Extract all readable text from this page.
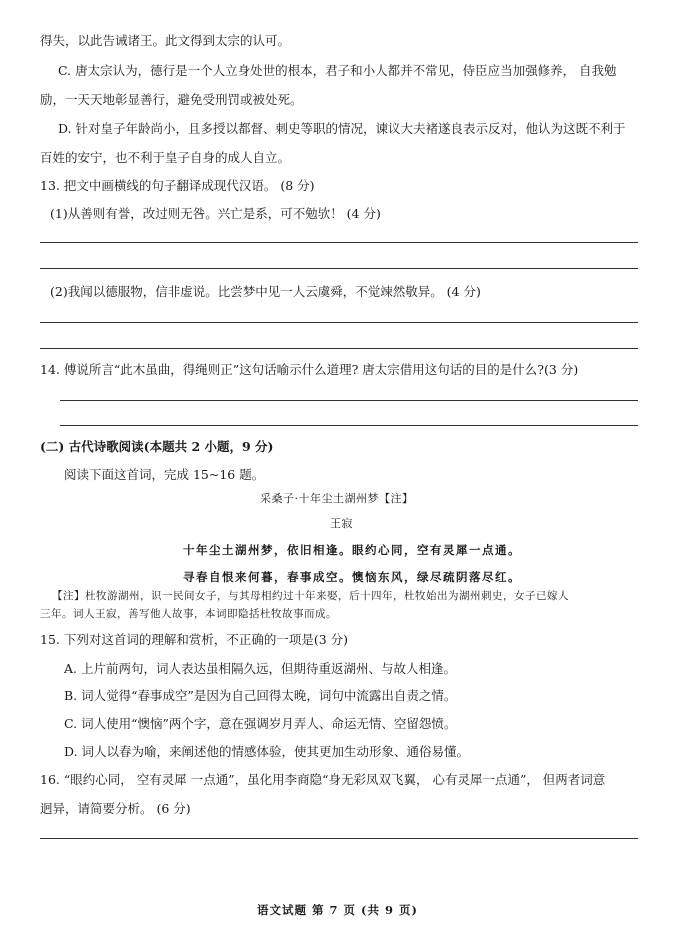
得失，以此告诫诸王。此文得到太宗的认可。
C. 唐太宗认为，德行是一个人立身处世的根本，君子和小人都并不常见，侍臣应当加强修养， 自我勉
励，一天天地彰显善行，避免受刑罚或被处死。
D. 针对皇子年龄尚小，且多授以都督、刺史等职的情况，谏议大夫褚遂良表示反对，他认为这既不利于
百姓的安宁，也不利于皇子自身的成人自立。
13. 把文中画横线的句子翻译成现代汉语。 (8 分)
(1)从善则有誉，改过则无咎。兴亡是系，可不勉欤！ (4 分)
(2)我闻以德服物，信非虚说。比尝梦中见一人云虞舜，不觉竦然敬异。 (4 分)
14. 傅说所言“此木虽曲，得绳则正”这句话喻示什么道理? 唐太宗借用这句话的目的是什么?(3 分)
(二) 古代诗歌阅读(本题共 2 小题，9 分)
阅读下面这首词，完成 15~16 题。
采桑子·十年尘土湖州梦【注】
王寂
十年尘土湖州梦，依旧相逢。眼约心同，空有灵犀一点通。
寻春自恨来何暮，春事成空。懊恼东风，绿尽疏阴落尽红。
【注】杜牧游湖州，识一民间女子，与其母相约过十年来娶，后十四年，杜牧始出为湖州刺史，女子已嫁人
三年。词人王寂，善写他人故事，本词即隐括杜牧故事而成。
15. 下列对这首词的理解和赏析，不正确的一项是(3 分)
A. 上片前两句，词人表达虽相隔久远，但期待重返湖州、与故人相逢。
B. 词人觉得“春事成空”是因为自己回得太晚，词句中流露出自责之情。
C. 词人使用“懊恼”两个字，意在强调岁月弄人、命运无情、空留怨愤。
D. 词人以春为喻，来阐述他的情感体验，使其更加生动形象、通俗易懂。
16. “眼约心同， 空有灵犀 一点通”，虽化用李商隐“身无彩凤双飞翼， 心有灵犀一点通”， 但两者词意
迥异，请简要分析。 (6 分)
语文试题 第 7 页 (共 9 页)
